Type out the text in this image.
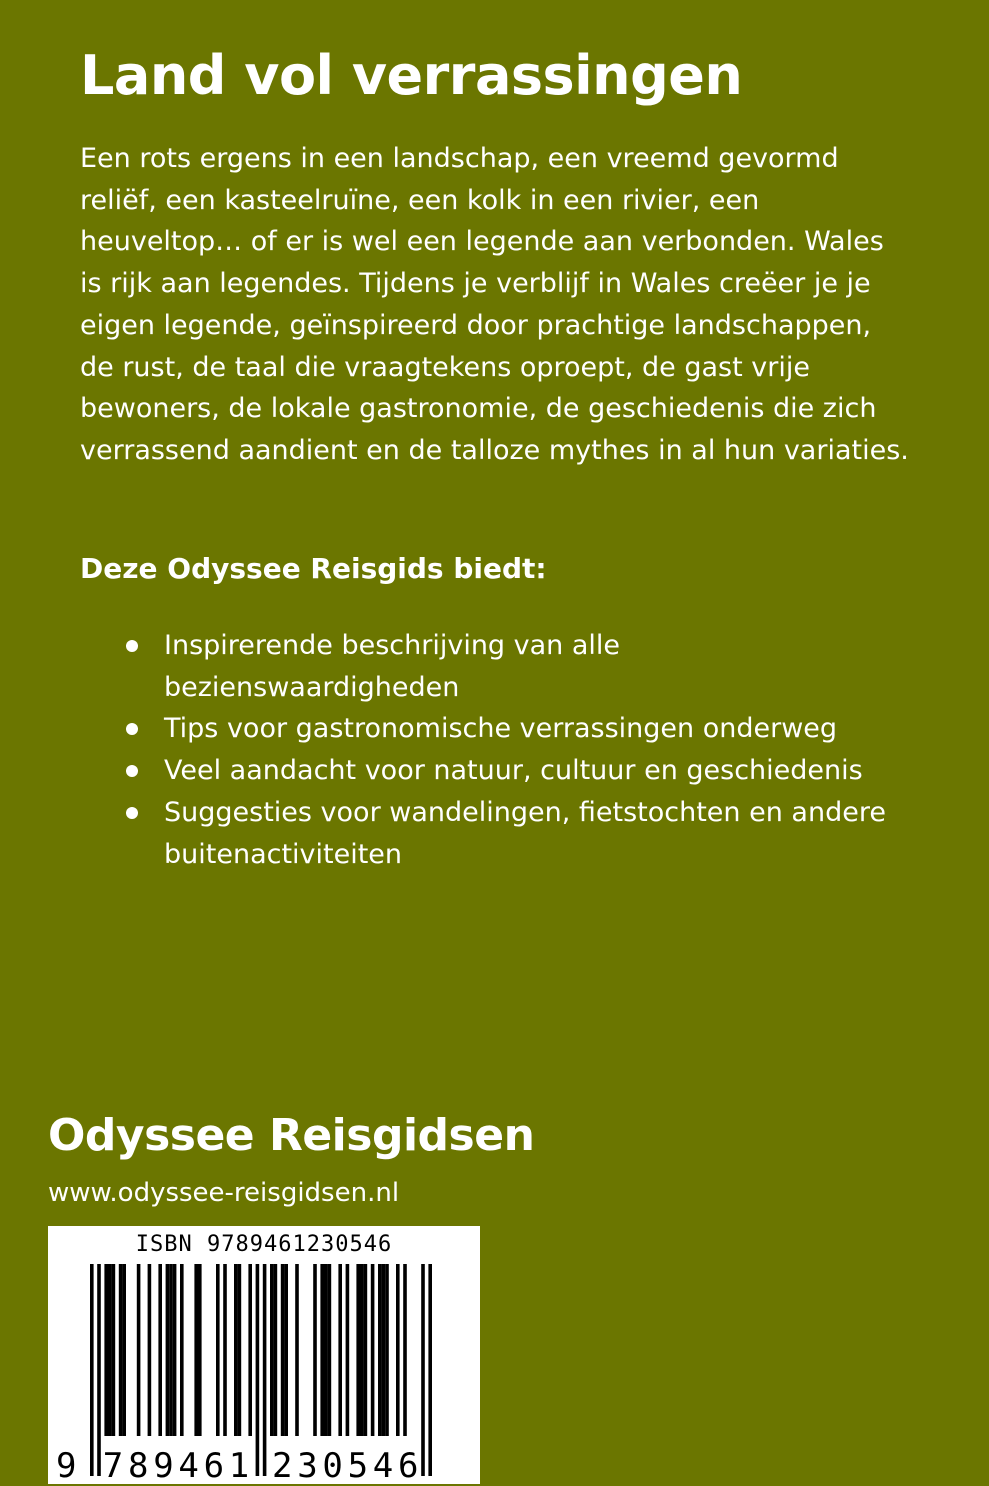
Land vol verrassingen

Een rots ergens in een landschap, een vreemd gevormd reliëf, een kasteelruïne, een kolk in een rivier, een heuveltop… of er is wel een legende aan verbonden. Wales is rijk aan legendes. Tijdens je verblijf in Wales creëer je je eigen legende, geïnspireerd door prachtige landschappen, de rust, de taal die vraagtekens oproept, de gast vrije bewoners, de lokale gastronomie, de geschiedenis die zich verrassend aandient en de talloze mythes in al hun variaties.

Deze Odyssee Reisgids biedt:
Inspirerende beschrijving van alle bezienswaardigheden
Tips voor gastronomische verrassingen onderweg
Veel aandacht voor natuur, cultuur en geschiedenis
Suggesties voor wandelingen, fietstochten en andere buitenactiviteiten
Odyssee Reisgidsen
www.odyssee-reisgidsen.nl
ISBN 9789461230546
9 7 8 9 4 6 1 2 3 0 5 4 6
